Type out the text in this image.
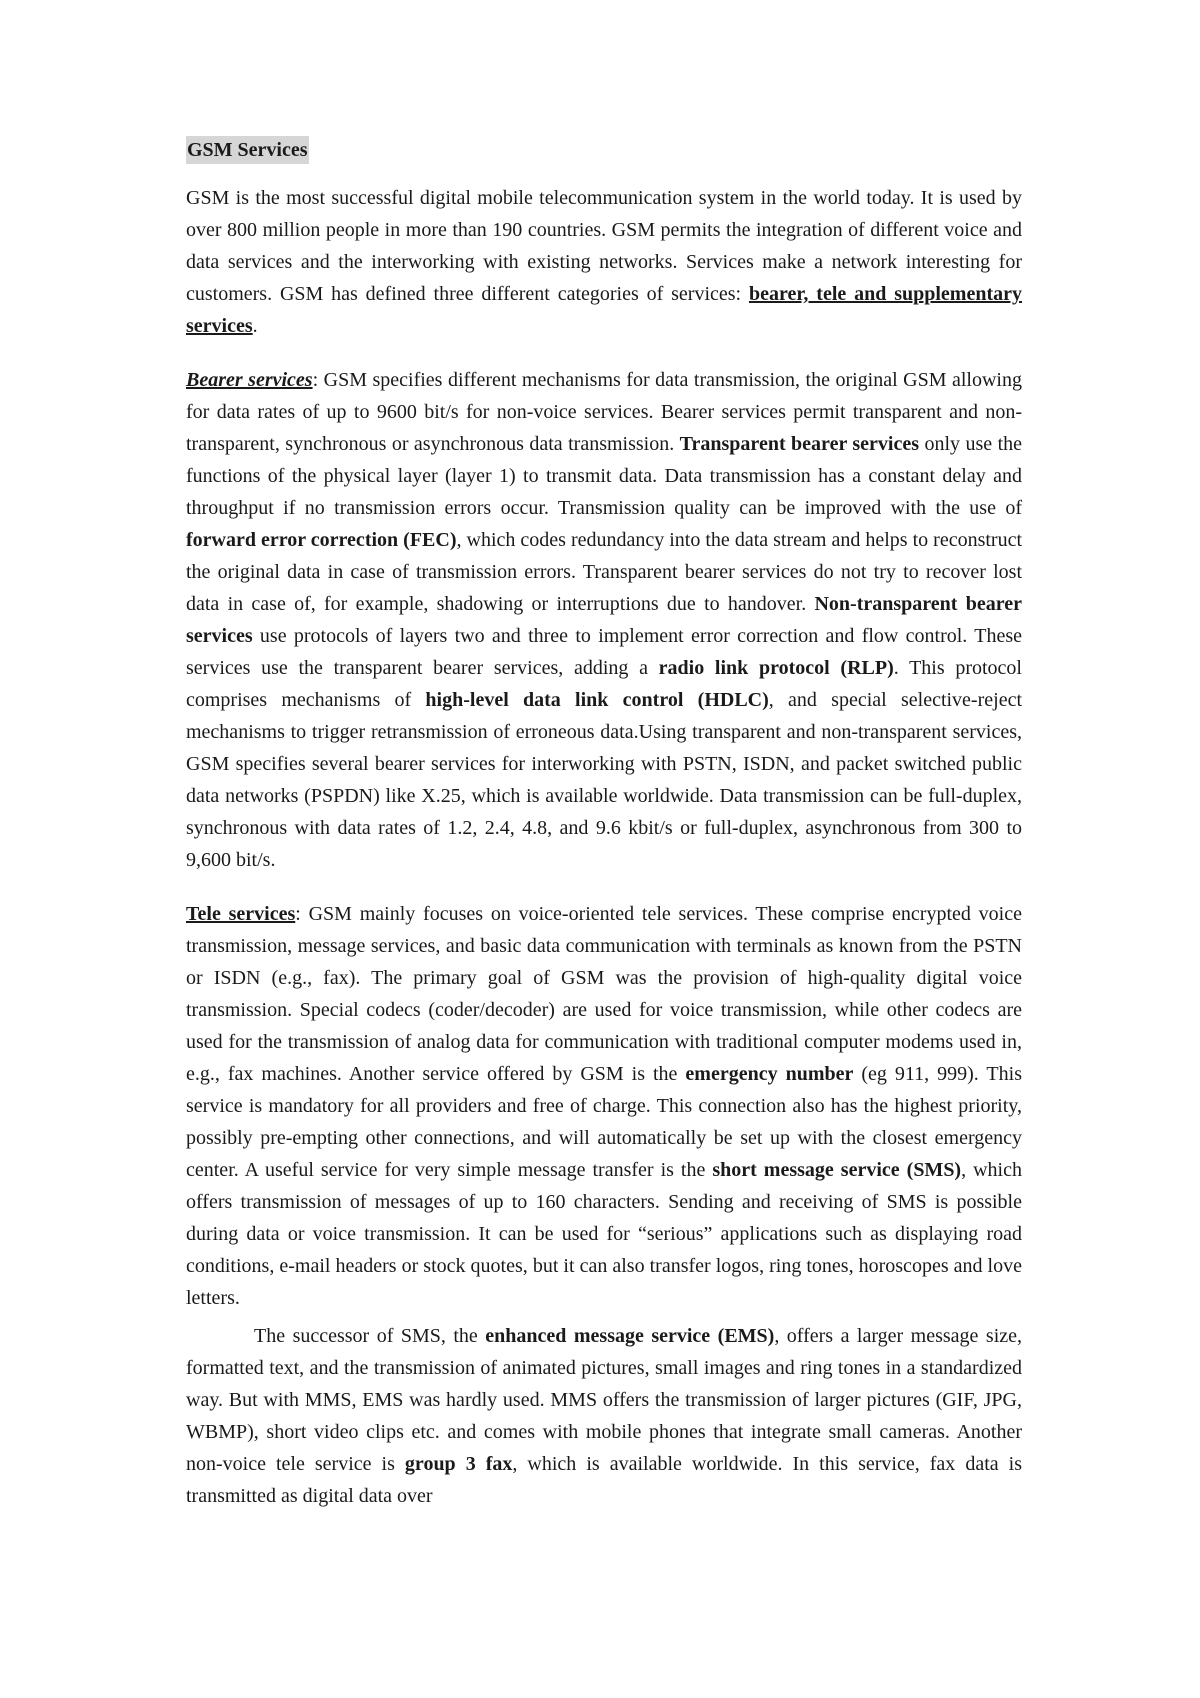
GSM Services

GSM is the most successful digital mobile telecommunication system in the world today. It is used by over 800 million people in more than 190 countries. GSM permits the integration of different voice and data services and the interworking with existing networks. Services make a network interesting for customers. GSM has defined three different categories of services: bearer, tele and supplementary services.

Bearer services: GSM specifies different mechanisms for data transmission, the original GSM allowing for data rates of up to 9600 bit/s for non-voice services. Bearer services permit transparent and non-transparent, synchronous or asynchronous data transmission. Transparent bearer services only use the functions of the physical layer (layer 1) to transmit data. Data transmission has a constant delay and throughput if no transmission errors occur. Transmission quality can be improved with the use of forward error correction (FEC), which codes redundancy into the data stream and helps to reconstruct the original data in case of transmission errors. Transparent bearer services do not try to recover lost data in case of, for example, shadowing or interruptions due to handover. Non-transparent bearer services use protocols of layers two and three to implement error correction and flow control. These services use the transparent bearer services, adding a radio link protocol (RLP). This protocol comprises mechanisms of high-level data link control (HDLC), and special selective-reject mechanisms to trigger retransmission of erroneous data.Using transparent and non-transparent services, GSM specifies several bearer services for interworking with PSTN, ISDN, and packet switched public data networks (PSPDN) like X.25, which is available worldwide. Data transmission can be full-duplex, synchronous with data rates of 1.2, 2.4, 4.8, and 9.6 kbit/s or full-duplex, asynchronous from 300 to 9,600 bit/s.

Tele services: GSM mainly focuses on voice-oriented tele services. These comprise encrypted voice transmission, message services, and basic data communication with terminals as known from the PSTN or ISDN (e.g., fax). The primary goal of GSM was the provision of high-quality digital voice transmission. Special codecs (coder/decoder) are used for voice transmission, while other codecs are used for the transmission of analog data for communication with traditional computer modems used in, e.g., fax machines. Another service offered by GSM is the emergency number (eg 911, 999). This service is mandatory for all providers and free of charge. This connection also has the highest priority, possibly pre-empting other connections, and will automatically be set up with the closest emergency center. A useful service for very simple message transfer is the short message service (SMS), which offers transmission of messages of up to 160 characters. Sending and receiving of SMS is possible during data or voice transmission. It can be used for “serious” applications such as displaying road conditions, e-mail headers or stock quotes, but it can also transfer logos, ring tones, horoscopes and love letters.

The successor of SMS, the enhanced message service (EMS), offers a larger message size, formatted text, and the transmission of animated pictures, small images and ring tones in a standardized way. But with MMS, EMS was hardly used. MMS offers the transmission of larger pictures (GIF, JPG, WBMP), short video clips etc. and comes with mobile phones that integrate small cameras. Another non-voice tele service is group 3 fax, which is available worldwide. In this service, fax data is transmitted as digital data over
